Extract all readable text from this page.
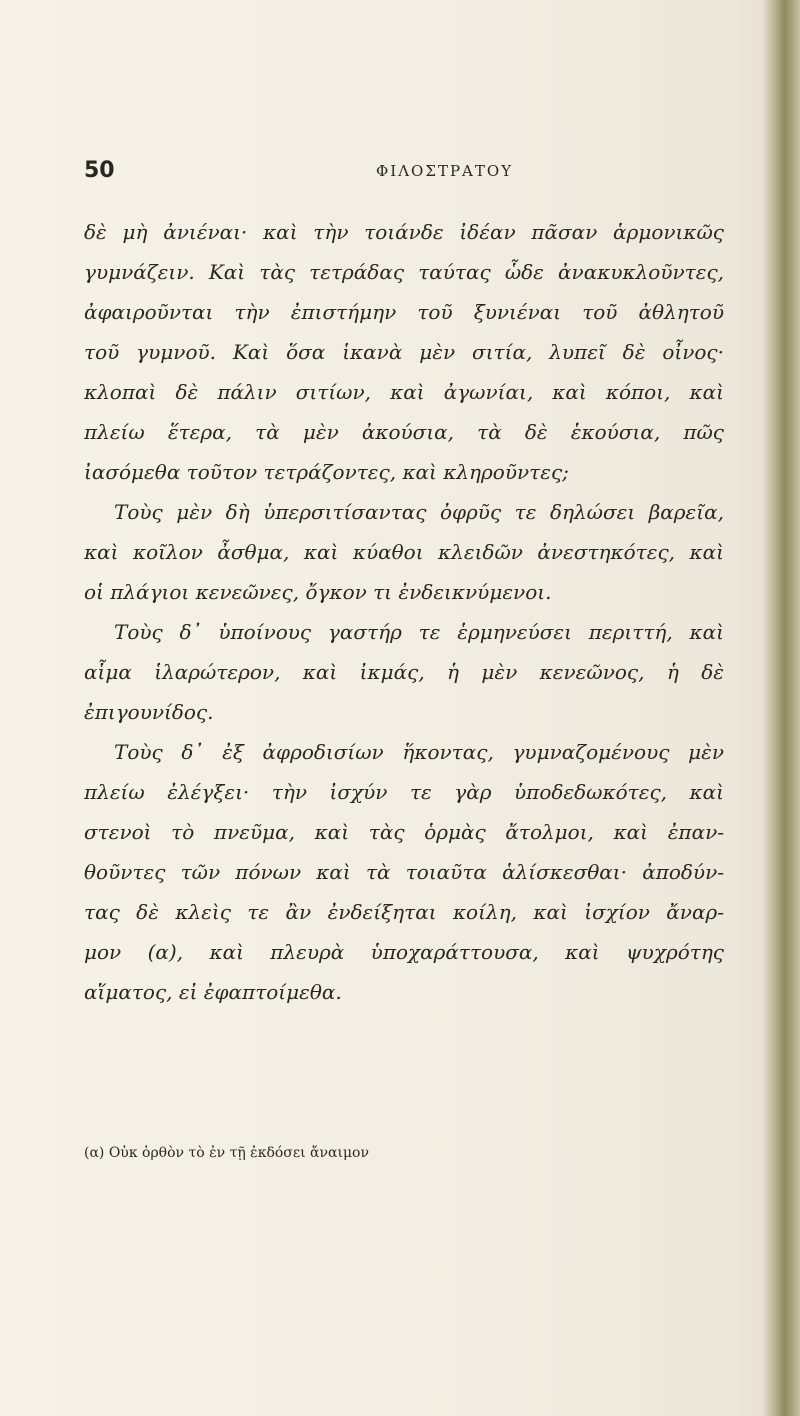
50	ΦΙΛΟΣΤΡΑΤΟΥ
δὲ μὴ ἀνιέναι· καὶ τὴν τοιάνδε ἰδέαν πᾶσαν ἁρμονικῶς
γυμνάζειν. Καὶ τὰς τετράδας ταύτας ὧδε ἀνακυκλοῦντες,
ἀφαιροῦνται τὴν ἐπιστήμην τοῦ ξυνιέναι τοῦ ἀθλητοῦ
τοῦ γυμνοῦ. Καὶ ὅσα ἱκανὰ μὲν σιτία, λυπεῖ δὲ οἶνος·
κλοπαὶ δὲ πάλιν σιτίων, καὶ ἀγωνίαι, καὶ κόποι, καὶ
πλείω ἕτερα, τὰ μὲν ἀκούσια, τὰ δὲ ἑκούσια, πῶς
ἰασόμεθα τοῦτον τετράζοντες, καὶ κληροῦντες;
Τοὺς μὲν δὴ ὑπερσιτίσαντας ὀφρῦς τε δηλώσει βαρεῖα,
καὶ κοῖλον ἆσθμα, καὶ κύαθοι κλειδῶν ἀνεστηκότες, καὶ
οἱ πλάγιοι κενεῶνες, ὄγκον τι ἐνδεικνύμενοι.
Τοὺς δ᾽ ὑποίνους γαστήρ τε ἑρμηνεύσει περιττή, καὶ
αἷμα ἱλαρώτερον, καὶ ἰκμάς, ἡ μὲν κενεῶνος, ἡ δὲ
ἐπιγουνίδος.
Τοὺς δ᾽ ἐξ ἀφροδισίων ἥκοντας, γυμναζομένους μὲν
πλείω ἐλέγξει· τὴν ἰσχύν τε γὰρ ὑποδεδωκότες, καὶ
στενοὶ τὸ πνεῦμα, καὶ τὰς ὁρμὰς ἄτολμοι, καὶ ἐπαν-
θοῦντες τῶν πόνων καὶ τὰ τοιαῦτα ἁλίσκεσθαι· ἀποδύν-
τας δὲ κλεὶς τε ἂν ἐνδείξηται κοίλη, καὶ ἰσχίον ἄναρ-
μον (α), καὶ πλευρὰ ὑποχαράττουσα, καὶ ψυχρότης
αἵματος, εἰ ἐφαπτοίμεθα.
(α) Οὐκ ὀρθὸν τὸ ἐν τῇ ἐκδόσει ἄναιμον
